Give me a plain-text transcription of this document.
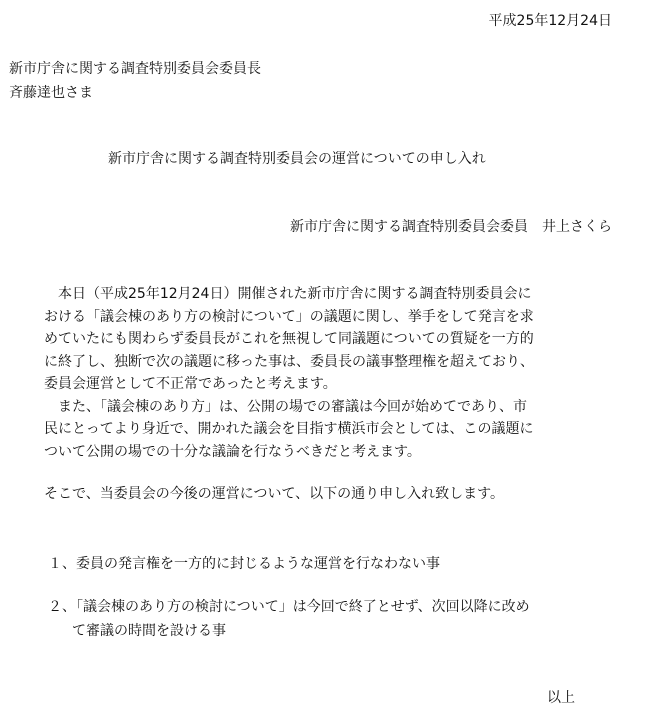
平成25年12月24日
新市庁舎に関する調査特別委員会委員長
斉藤達也さま
新市庁舎に関する調査特別委員会の運営についての申し入れ
新市庁舎に関する調査特別委員会委員　井上さくら
　本日（平成25年12月24日）開催された新市庁舎に関する調査特別委員会に
おける「議会棟のあり方の検討について」の議題に関し、挙手をして発言を求
めていたにも関わらず委員長がこれを無視して同議題についての質疑を一方的
に終了し、独断で次の議題に移った事は、委員長の議事整理権を超えており、
委員会運営として不正常であったと考えます。
　また、「議会棟のあり方」は、公開の場での審議は今回が始めてであり、市
民にとってより身近で、開かれた議会を目指す横浜市会としては、この議題に
ついて公開の場での十分な議論を行なうべきだと考えます。
そこで、当委員会の今後の運営について、以下の通り申し入れ致します。
１、委員の発言権を一方的に封じるような運営を行なわない事
２、「議会棟のあり方の検討について」は今回で終了とせず、次回以降に改め
て審議の時間を設ける事
以上
